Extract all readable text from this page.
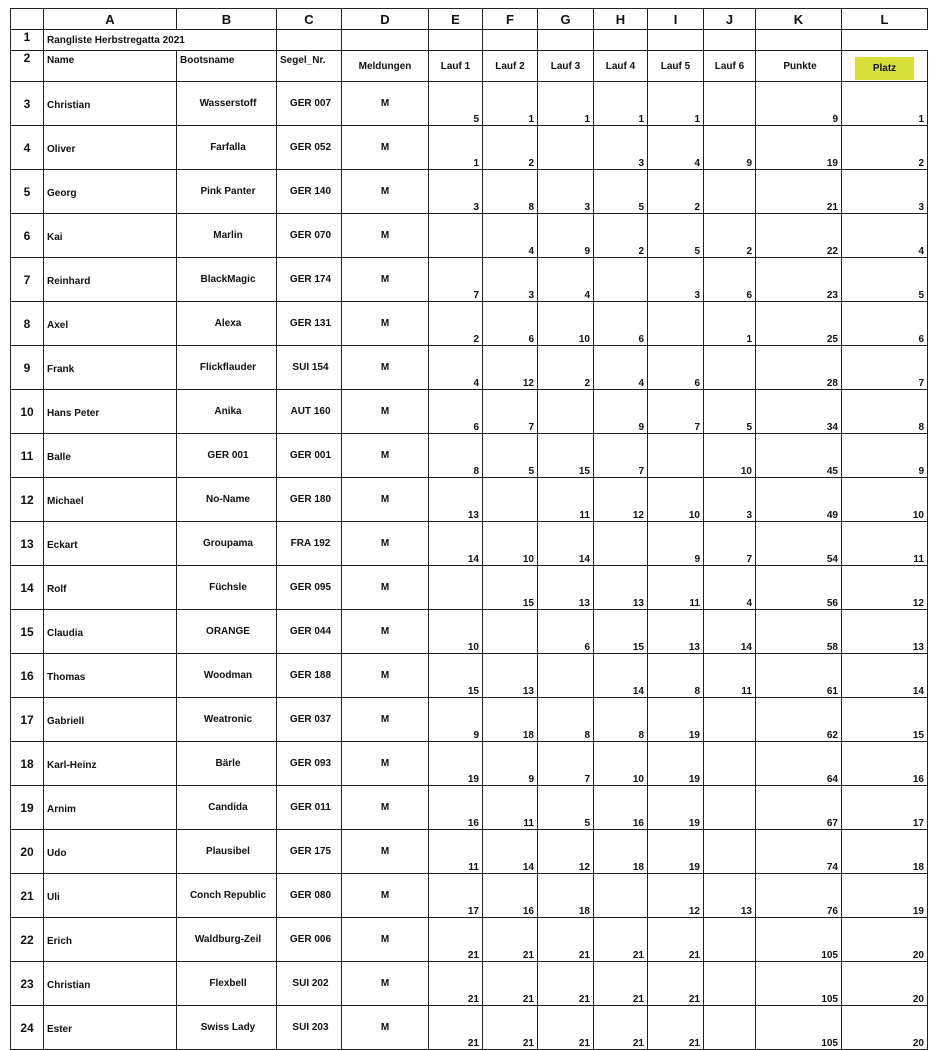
	A	B	C	D	E	F	G	H	I	J	K	L
1	Rangliste Herbstregatta 2021											
2	Name	Bootsname	Segel_Nr.	Meldungen	Lauf 1	Lauf 2	Lauf 3	Lauf 4	Lauf 5	Lauf 6	Punkte	Platz
3	Christian	Wasserstoff	GER 007	M	5	1	1	1	1		9	1
4	Oliver	Farfalla	GER 052	M	1	2		3	4	9	19	2
5	Georg	Pink Panter	GER 140	M	3	8	3	5	2		21	3
6	Kai	Marlin	GER 070	M		4	9	2	5	2	22	4
7	Reinhard	BlackMagic	GER 174	M	7	3	4		3	6	23	5
8	Axel	Alexa	GER 131	M	2	6	10	6		1	25	6
9	Frank	Flickflauder	SUI 154	M	4	12	2	4	6		28	7
10	Hans Peter	Anika	AUT 160	M	6	7		9	7	5	34	8
11	Balle	GER 001	GER 001	M	8	5	15	7		10	45	9
12	Michael	No-Name	GER 180	M	13		11	12	10	3	49	10
13	Eckart	Groupama	FRA 192	M	14	10	14		9	7	54	11
14	Rolf	Füchsle	GER 095	M		15	13	13	11	4	56	12
15	Claudia	ORANGE	GER 044	M	10		6	15	13	14	58	13
16	Thomas	Woodman	GER 188	M	15	13		14	8	11	61	14
17	Gabriell	Weatronic	GER 037	M	9	18	8	8	19		62	15
18	Karl-Heinz	Bärle	GER 093	M	19	9	7	10	19		64	16
19	Arnim	Candida	GER 011	M	16	11	5	16	19		67	17
20	Udo	Plausibel	GER 175	M	11	14	12	18	19		74	18
21	Uli	Conch Republic	GER 080	M	17	16	18		12	13	76	19
22	Erich	Waldburg-Zeil	GER 006	M	21	21	21	21	21		105	20
23	Christian	Flexbell	SUI 202	M	21	21	21	21	21		105	20
24	Ester	Swiss Lady	SUI 203	M	21	21	21	21	21		105	20
